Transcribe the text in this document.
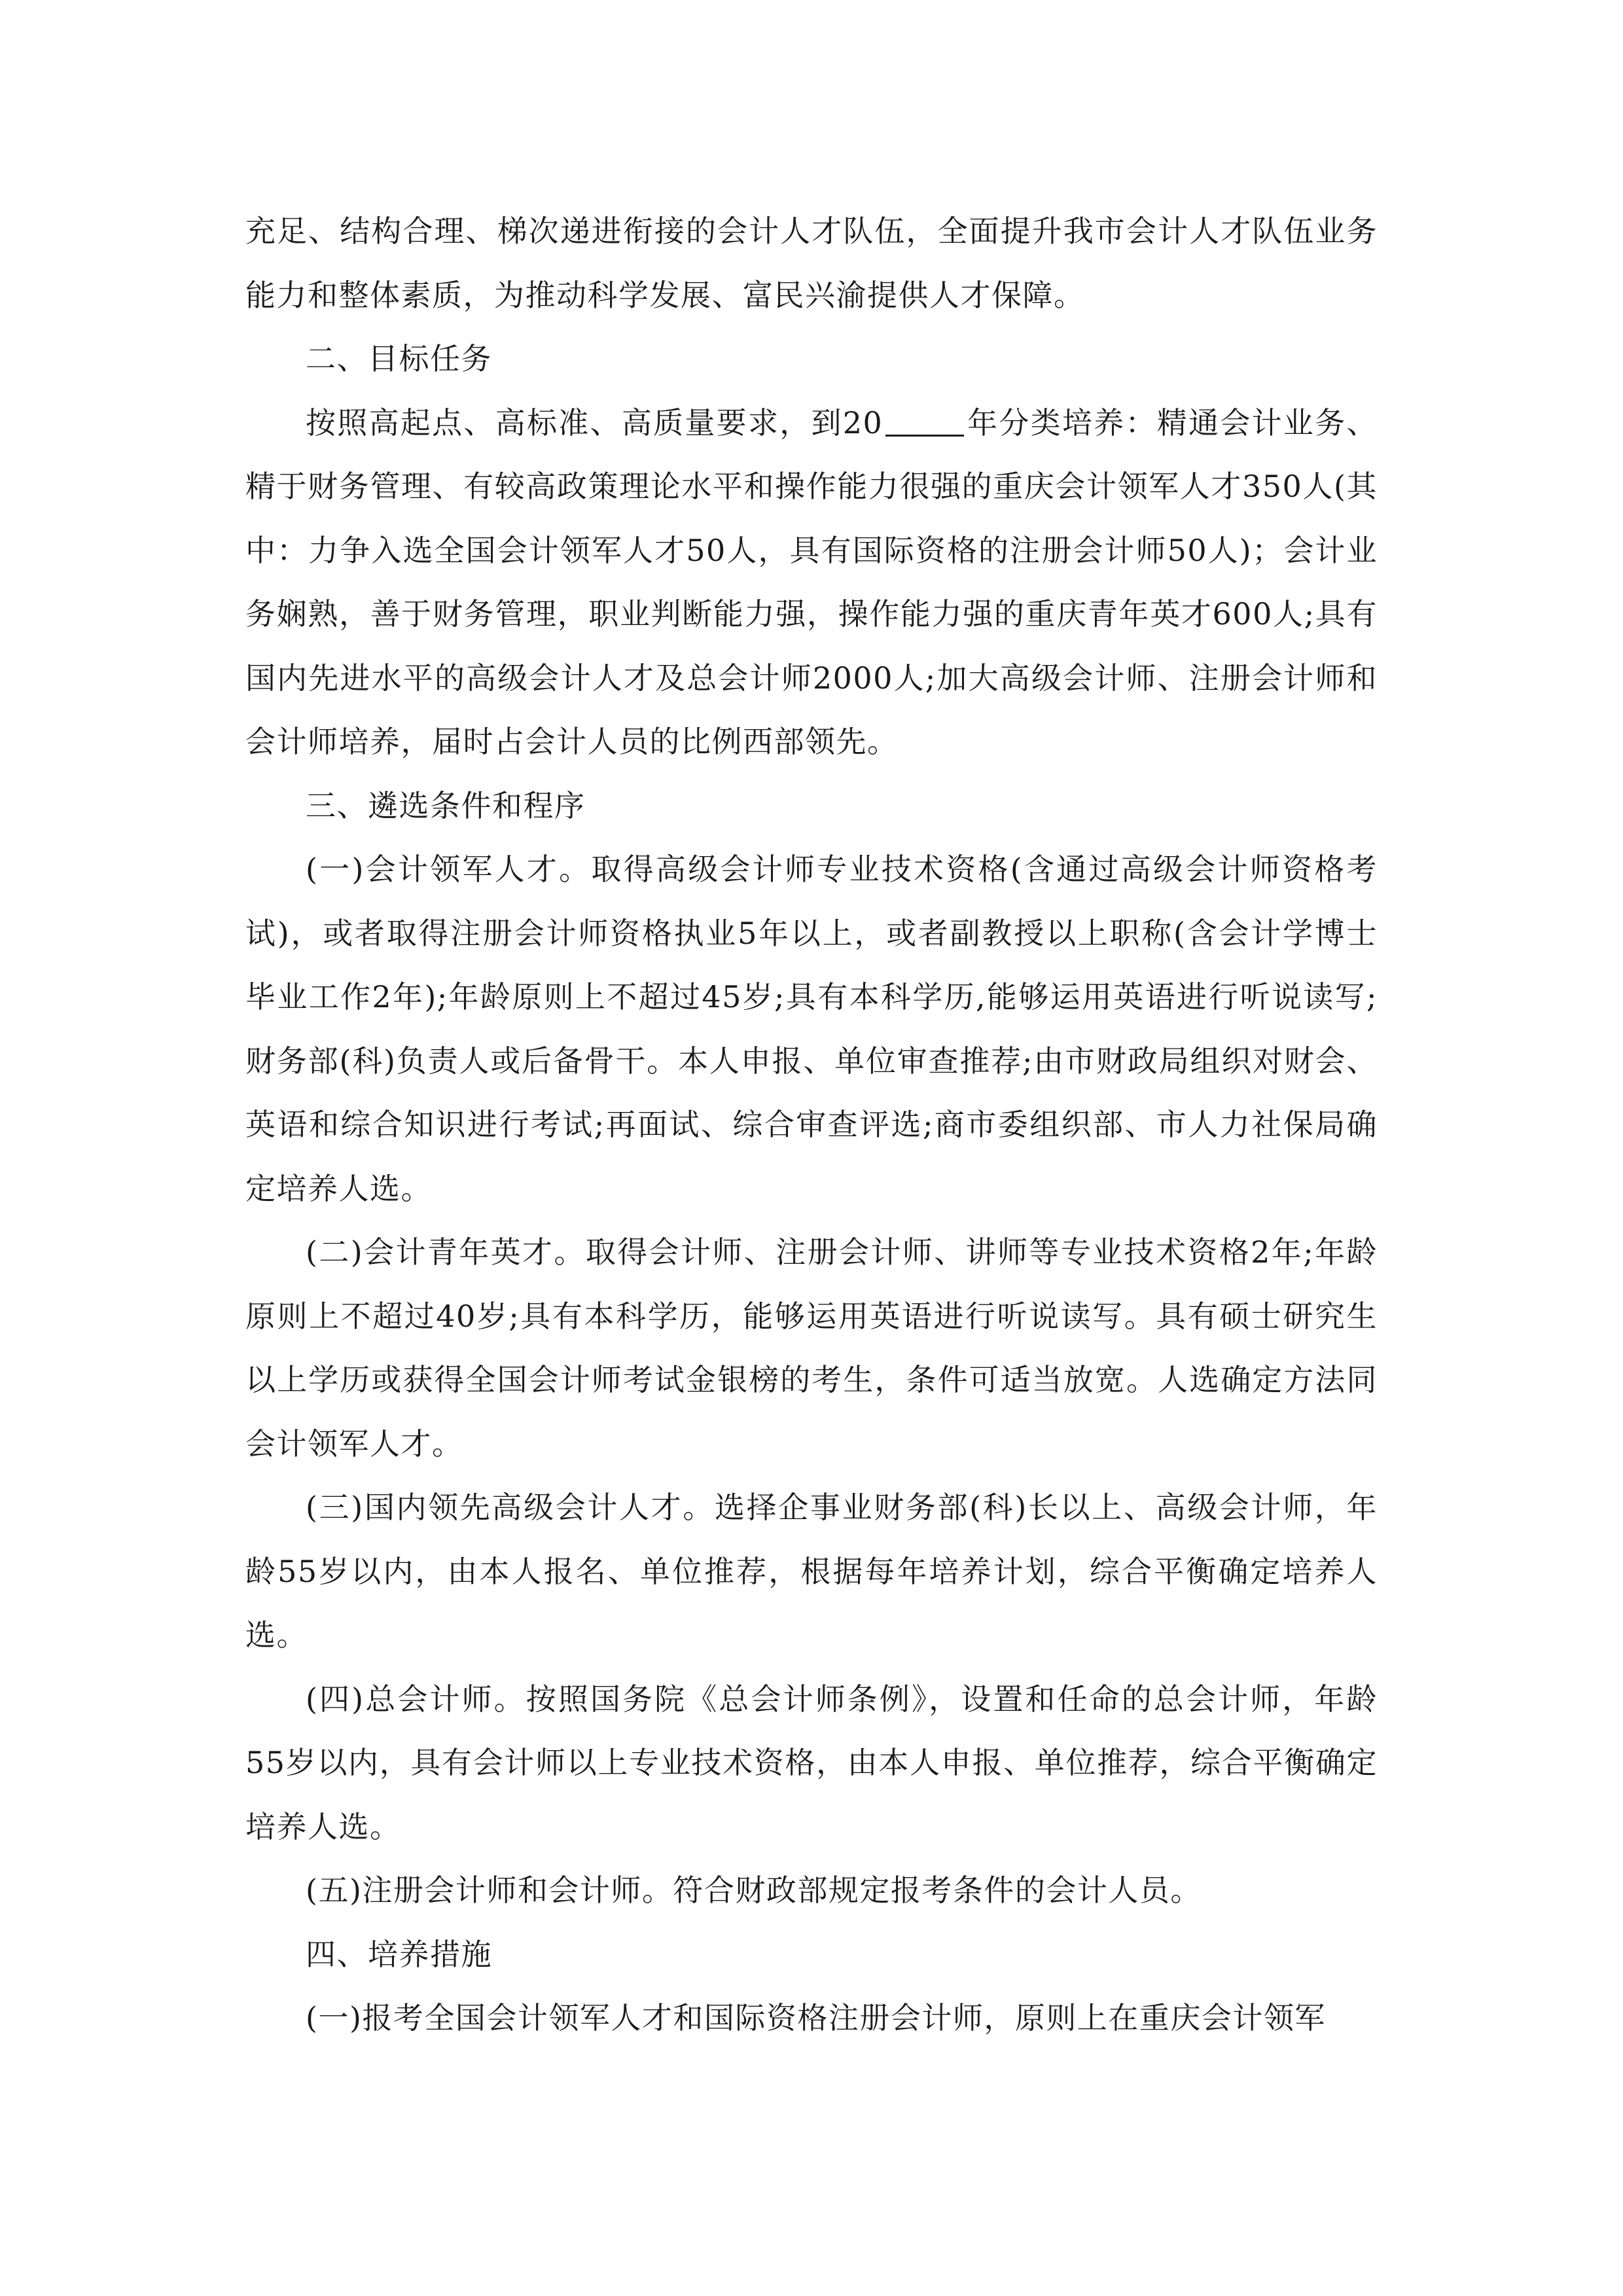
充足、结构合理、梯次递进衔接的会计人才队伍，全面提升我市会计人才队伍业务能力和整体素质，为推动科学发展、富民兴渝提供人才保障。

二、目标任务

按照高起点、高标准、高质量要求，到20	年分类培养：精通会计业务、精于财务管理、有较高政策理论水平和操作能力很强的重庆会计领军人才350人(其中：力争入选全国会计领军人才50人，具有国际资格的注册会计师50人)；会计业务娴熟，善于财务管理，职业判断能力强，操作能力强的重庆青年英才600人;具有国内先进水平的高级会计人才及总会计师2000人;加大高级会计师、注册会计师和会计师培养，届时占会计人员的比例西部领先。

三、遴选条件和程序

(一)会计领军人才。取得高级会计师专业技术资格(含通过高级会计师资格考试)，或者取得注册会计师资格执业5年以上，或者副教授以上职称(含会计学博士毕业工作2年);年龄原则上不超过45岁;具有本科学历,能够运用英语进行听说读写;财务部(科)负责人或后备骨干。本人申报、单位审查推荐;由市财政局组织对财会、英语和综合知识进行考试;再面试、综合审查评选;商市委组织部、市人力社保局确定培养人选。

(二)会计青年英才。取得会计师、注册会计师、讲师等专业技术资格2年;年龄原则上不超过40岁;具有本科学历，能够运用英语进行听说读写。具有硕士研究生以上学历或获得全国会计师考试金银榜的考生，条件可适当放宽。人选确定方法同会计领军人才。

(三)国内领先高级会计人才。选择企事业财务部(科)长以上、高级会计师，年龄55岁以内，由本人报名、单位推荐，根据每年培养计划，综合平衡确定培养人选。

(四)总会计师。按照国务院《总会计师条例》，设置和任命的总会计师，年龄55岁以内，具有会计师以上专业技术资格，由本人申报、单位推荐，综合平衡确定培养人选。

(五)注册会计师和会计师。符合财政部规定报考条件的会计人员。

四、培养措施

(一)报考全国会计领军人才和国际资格注册会计师，原则上在重庆会计领军
